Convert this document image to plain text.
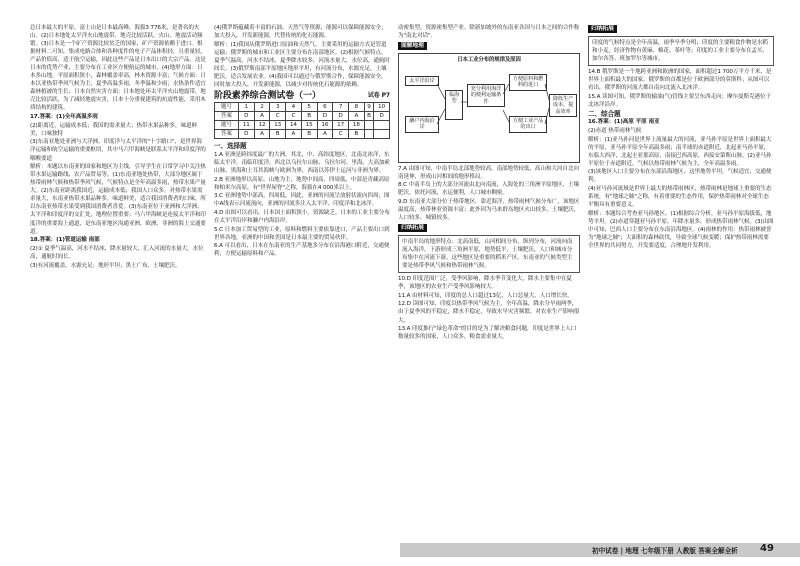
总日本最大的平原。富士山是日本最高峰，海拔3 776米，是著名的火山。(2)日本地处太平洋火山地震带，地壳比较活跃，火山、地震活动频繁。(3)日本是一个矿产资源比较贫乏的国家，矿产资源依赖于进口。根据材料二可知，集成电路合体和各种度件的电子产品体积轻，且重量轻，产品价值高，适于航空运输，因此这些产品是日本出口的大宗产品，这是日本的优势产业，主要分布在工业区方便航运的城市。(4)地形方面：日本多山地，平原面积狭小，森林覆盖率高，林木资源丰富；气候方面：日本以亚热带季风气候为主，夏季高温多雨，冬季温和少雨；水热条件适宜森林植被的生长；日本自然灾害方面：日本地处环太平洋火山地震带，地壳比较活跃，为了减轻地震灾害，日本十分重视建筑的抗震性能，采用木质结构的建筑。

17.答案：(1)全年高温多雨

(2)距离近，运输成本低；我国的需求量大；热带水果品种多，味道鲜美，口味独特

(3)东南亚地处亚洲与大洋洲、印度洋与太平洋的"十字路口"，是世界海洋运输和航空运输的重要枢纽，其中马六甲海峡是联系太平洋和印度洋的咽喉要道

解析：本题以东南亚的国家和地区为主线，引导学生在日常学习中关注热带水果运输路线、农产品贸易等。(1)东南亚地处热带，大部分地区属于热带雨林气候和热带季风气候，气候特点是全年高温多雨，热带水果产量大。(2)东南亚距离我国近，运输成本低；我国人口众多，对热带水果需求量大，东南亚热带水果品种多，味道鲜美，适合我国消费者的口味，所以东南亚热带水果受到我国消费者喜爱。(3)东南亚位于亚洲和大洋洲、太平洋和印度洋的交汇处，地理位置重要；马六甲海峡是连接太平洋和印度洋的重要海上通道，是东南亚地区沟通亚洲、欧洲、非洲的海上交通要道。

18.答案：(1)管道运输 南部

(2)① 夏季气温高，河水不结冰，降水量较大，汇入河流的水量大，水位高，通航时间长。

(3)有河流覆盖，水源充足；地形平坦；黑土广布，土壤肥沃。

(4)俄罗斯蕴藏着丰富的石油、天然气等资源，能源可以保障能源安全；加大投入，开发新能源，代替传统的化石能源。

解析：(1)我国从俄罗斯进口原油和天然气，主要采用的运输方式是管道运输；俄罗斯的城市和工业区主要分布在南部地区。(2)根据气候特点，夏季气温高，河水不结冰，夏季降水较多，河流水量大，水位高，通航时间长。(3)俄罗斯南部平原地区地形平坦，有河流分布，水源充足，土壤肥沃，适合发展农业。(4)我国可以通过与俄罗斯合作，保障能源安全，同时加大投入，开发新能源，以减少对传统化石能源的依赖。

阶段素养综合测试卷（一）	试卷 P7
题号	1	2	3	4	5	6	7	8	9	10
答案	D	A	C	C	B	D	D	A	B	D
题号	11	12	13	14	15	16	17	18		
答案	D	A	B	A	B	A	C	B		

一、选择题

1.A 亚洲是跨纬度最广的大洲，其北、中、高纬度地区，北南北冰洋，东临太平洋，南临印度洋，西北以乌拉尔山脉、乌拉尔河、里海、大高加索山脉、黑海和土耳其海峡与欧洲为界，西南以苏伊士运河与非洲为界。

2.B 亚洲地形以高原、山地为主，地势中间高、四周低，中部是青藏高原和帕米尔高原，有"世界屋脊"之称，海拔在4 000米以上。

3.C 亚洲地势中部高，四周低，因此，亚洲的河流呈放射状流向四周；图中A线表示河流流向，亚洲的河流多注入太平洋、印度洋和北冰洋。

4.D 由图可以看出，日本国土面积狭小，资源缺乏。日本的工业主要分布在太平洋沿岸和濑户内海沿岸。

5.C 日本加工贸易型的工业，原料和燃料主要依靠进口，产品主要出口到世界各地，亚洲的中国和美国是日本最主要的贸易伙伴。

6.A 可以看出，日本在东南亚的生产基地多分布在沿海港口附近，交通便利，方便运输原料和产品。

动密集型，资源密集型产业。除新加坡外的东南亚各国与日本之间的合作称为"南北对话"。

图解地理
日本工业分布的规律及原因
太平洋沿岸
濑户内海沿岸
临海型
充分利用海洋的便利运输条件
方便原料和燃料的进口
方便工业产品的出口
降低生产成本，提高效率

7.A 由图可知，中南半岛北部地势较高，南部地势较低，高山和大河自北向南延伸，形成山河相间的地形格局。

8.C 中南半岛上的大部分河流由北向南流，入海处的三角洲平原地区，土壤肥沃，依托河流，水运便利，人口城市稠密。

9.D 东南亚大部分位于热带地区，靠近海洋，热带雨林气候分布广，该地区温度高，热带林业资源丰富；此外因为马来群岛地区火山较多，土壤肥沃，人口较多，城镇较多。

归纳拓展
中南半岛的地形特点：北高南低，山河相间分布，纵列分布，河流向南流入海洋，下游形成三角洲平原，地势低平，土壤肥沃，人口和城市分布集中在河流下游，这些地区是重要的稻米产区。东南亚的气候类型主要是热带季风气候和热带雨林气候。

10.D 印度范围广泛，受季风影响，降水季节变化大，降水主要集中在夏季，该地区的农业生产受季风影响较大。

11.A 由材料可知，印度的总人口超过13亿，人口总量大，人口增长快。

12.D 读图可知，印度以热带季风气候为主，全年高温，降水分旱雨两季，由于夏季风的不稳定，降水不稳定，导致水旱灾害频繁，对农业生产影响很大。

13.A 印度推行"绿色革命"的目的是为了解决粮食问题，印度是世界上人口数量较多的国家，人口众多，粮食需求量大。

归纳拓展
印度的气候特点是全年高温，雨季旱季分明；印度的主要粮食作物是水稻和小麦，经济作物有黄麻、棉花、茶叶等；印度的工业主要分布在孟买、加尔各答、班加罗尔等城市。

14.B 俄罗斯是一个地跨亚洲和欧洲的国家，面积超过1 700万平方千米，是世界上面积最大的国家。俄罗斯的首都是位于欧洲部分的莫斯科；从图可以看出，俄罗斯的河流大都自南向北流入北冰洋。

15.A 读图可知，俄罗斯的输油(气)管线主要呈东西走向；摩尔曼斯克港位于北冰洋沿岸。

二、综合题

16.答案：(1)高原 平原 南亚

(2)赤道 热带雨林气候

解析：(1)亚马孙河是世界上流量最大的河流，亚马孙平原是世界上面积最大的平原，亚马孙平原全年高温多雨；南半球的赤道附近，北起亚马孙平原，东临大西洋，北起圭亚那高原，南接巴西高原，西接安第斯山脉。(2)亚马孙平原位于赤道附近，气候以热带雨林气候为主，全年高温多雨。

(3)该地区人口主要分布在东部沿海地区，这里地势平坦，气候适宜，交通便利。

(4)亚马孙河流域是世界上最大的热带雨林区，热带雨林是地球上重要的生态系统，有"地球之肺"之称，有着重要的生态作用，保护热带雨林对全球生态平衡具有重要意义。

解析：本题综合考查亚马孙地区。(1)根据综合分析，亚马孙平原海拔低，地势平坦。(2)赤道穿越亚马孙平原，年降水量多，形成热带雨林气候。(3)由图中可知，巴西人口主要分布在东南沿海地区。(4)雨林的作用：热带雨林被誉为"地球之肺"；大面积的森林砍伐，导致全球气候变暖；保护热带雨林需要全世界的共同努力，开发要适度，合理地开发利用。

初中试卷 | 地理 七年级下册 人教版 答案全解全析 49
